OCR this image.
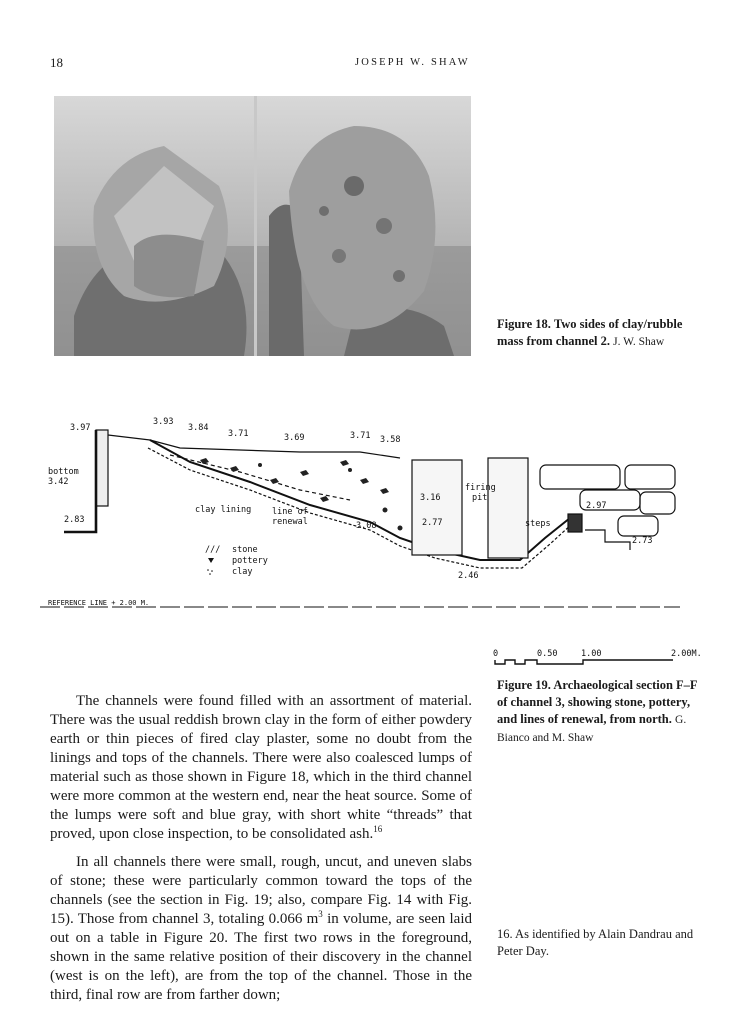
18	JOSEPH W. SHAW
Figure 18. Two sides of clay/rubble mass from channel 2. J. W. Shaw
3.97
3.93
3.84
3.71	3.69	3.71 3.58
bottom
3.42
2.83
clay lining line of
renewal
3.16
3.08	2.77
2.46
firing
pit
steps
2.97
2.73
/// stone
pottery
clay
REFERENCE LINE + 2.00 M.
0	0.50	1.00	2.00M.
Figure 19. Archaeological section F–F of channel 3, showing stone, pottery, and lines of renewal, from north. G. Bianco and M. Shaw

The channels were found filled with an assortment of material. There was the usual reddish brown clay in the form of either powdery earth or thin pieces of fired clay plaster, some no doubt from the linings and tops of the channels. There were also coalesced lumps of material such as those shown in Figure 18, which in the third channel were more common at the western end, near the heat source. Some of the lumps were soft and blue gray, with short white “threads” that proved, upon close inspection, to be consolidated ash.$^{16}$

In all channels there were small, rough, uncut, and uneven slabs of stone; these were particularly common toward the tops of the channels (see the section in Fig. 19; also, compare Fig. 14 with Fig. 15). Those from channel 3, totaling 0.066 $m^3$ in volume, are seen laid out on a table in Figure 20. The first two rows in the foreground, shown in the same relative position of their discovery in the channel (west is on the left), are from the top of the channel. Those in the third, final row are from farther down;

16. As identified by Alain Dandrau and Peter Day.
